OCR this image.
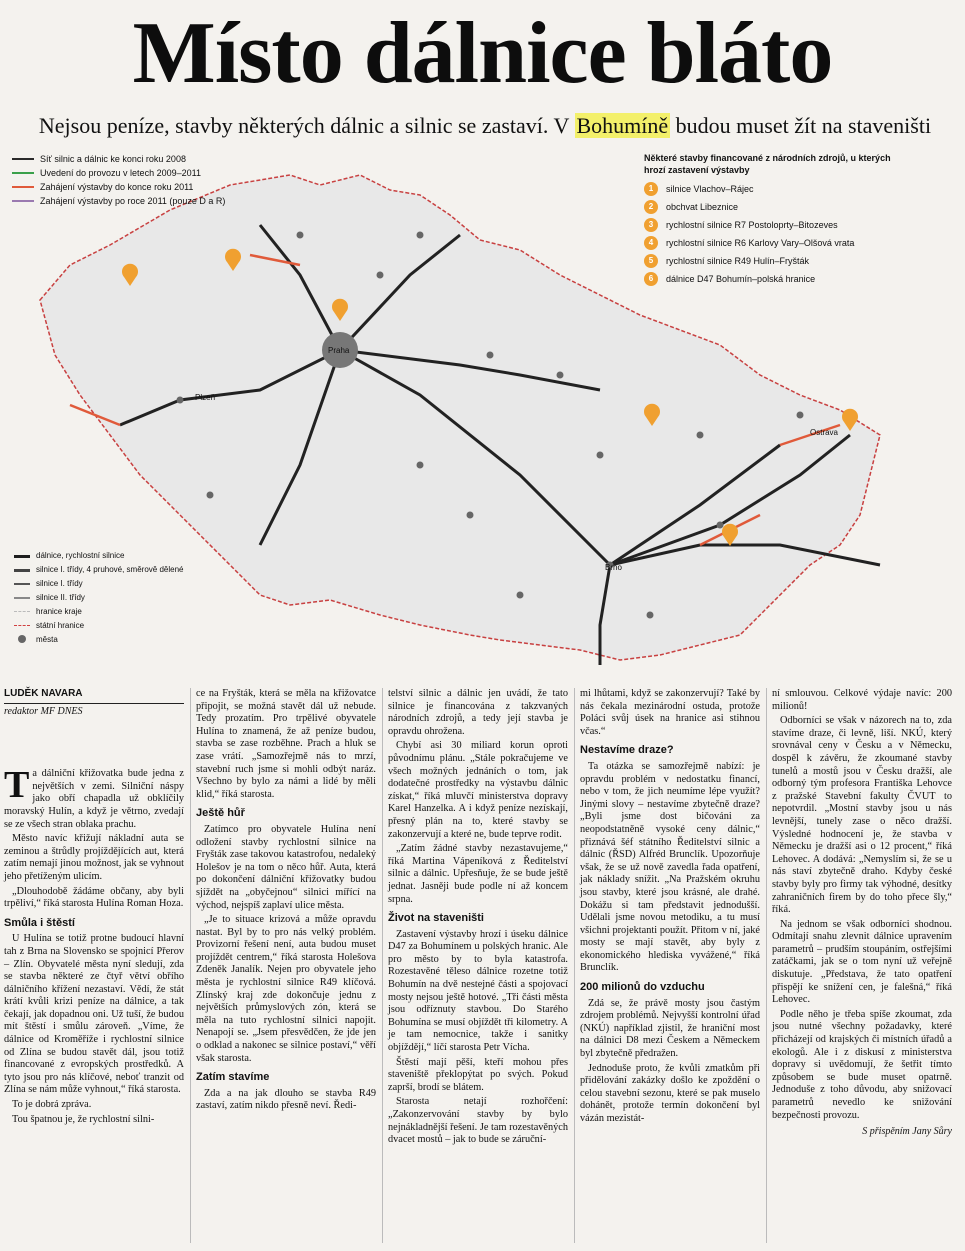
Místo dálnice bláto
Nejsou peníze, stavby některých dálnic a silnic se zastaví. V Bohumíně budou muset žít na staveništi
Praha
Brno
Ostrava
Plzeň
Síť silnic a dálnic ke konci roku 2008
Uvedení do provozu v letech 2009–2011
Zahájení výstavby do konce roku 2011
Zahájení výstavby po roce 2011 (pouze D a R)
dálnice, rychlostní silnice
silnice I. třídy, 4 pruhové, směrově dělené
silnice I. třídy
silnice II. třídy
hranice kraje
státní hranice
města
Některé stavby financované z národních zdrojů, u kterých hrozí zastavení výstavby
1	silnice Vlachov–Rájec
2	obchvat Libeznice
3	rychlostní silnice R7 Postoloprty–Bitozeves
4	rychlostní silnice R6 Karlovy Vary–Olšová vrata
5	rychlostní silnice R49 Hulín–Fryšták
6	dálnice D47 Bohumín–polská hranice
LUDĚK NAVARA
redaktor MF DNES

Ta dálniční křižovatka bude jedna z největších v zemi. Silniční náspy jako obří chapadla už obklíčily moravský Hulín, a když je větrno, zvedají se ze všech stran oblaka prachu.

Město navíc křižují nákladní auta se zeminou a štrůdly projíždějících aut, která zatím nemají jinou možnost, jak se vyhnout jeho přetíženým ulicím.

„Dlouhodobě žádáme občany, aby byli trpěliví,“ říká starosta Hulína Roman Hoza.

Smůla i štěstí

U Hulína se totiž protne budoucí hlavní tah z Brna na Slovensko se spojnicí Přerov – Zlín. Obyvatelé města nyní sledují, zda se stavba některé ze čtyř větví obřího dálničního křížení nezastaví. Vědí, že stát krátí kvůli krizi peníze na dálnice, a tak čekají, jak dopadnou oni. Už tuší, že budou mít štěstí i smůlu zároveň. „Víme, že dálnice od Kroměříže i rychlostní silnice od Zlína se budou stavět dál, jsou totiž financované z evropských prostředků. A tyto jsou pro nás klíčové, neboť tranzit od Zlína se nám může vyhnout,“ říká starosta.

To je dobrá zpráva.

Tou špatnou je, že rychlostní silni-

ce na Fryšták, která se měla na křižovatce připojit, se možná stavět dál už nebude. Tedy prozatím. Pro trpělivé obyvatele Hulína to znamená, že až peníze budou, stavba se zase rozběhne. Prach a hluk se zase vrátí. „Samozřejmě nás to mrzí, stavební ruch jsme si mohli odbýt naráz. Všechno by bylo za námi a lidé by měli klid,“ říká starosta.

Ještě hůř

Zatímco pro obyvatele Hulína není odložení stavby rychlostní silnice na Fryšták zase takovou katastrofou, nedaleký Holešov je na tom o něco hůř. Auta, která po dokončení dálniční křižovatky budou sjíždět na „obyčejnou“ silnici mířící na východ, nejspíš zaplaví ulice města.

„Je to situace krizová a může opravdu nastat. Byl by to pro nás velký problém. Provizorní řešení není, auta budou muset projíždět centrem,“ říká starosta Holešova Zdeněk Janalík. Nejen pro obyvatele jeho města je rychlostní silnice R49 klíčová. Zlínský kraj zde dokončuje jednu z největších průmyslových zón, která se měla na tuto rychlostní silnici napojit. Nenapojí se. „Jsem přesvědčen, že jde jen o odklad a nakonec se silnice postaví,“ věří však starosta.

Zatím stavíme

Zda a na jak dlouho se stavba R49 zastaví, zatím nikdo přesně neví. Ředi-

telství silnic a dálnic jen uvádí, že tato silnice je financována z takzvaných národních zdrojů, a tedy její stavba je opravdu ohrožena.

Chybí asi 30 miliard korun oproti původnímu plánu. „Stále pokračujeme ve všech možných jednáních o tom, jak dodatečné prostředky na výstavbu dálnic získat,“ říká mluvčí ministerstva dopravy Karel Hanzelka. A i když peníze nezískají, přesný plán na to, které stavby se zakonzervují a které ne, bude teprve rodit.

„Zatím žádné stavby nezastavujeme,“ říká Martina Vápeníková z Ředitelství silnic a dálnic. Upřesňuje, že se bude ještě jednat. Jasněji bude podle ní až koncem srpna.

Život na staveništi

Zastavení výstavby hrozí i úseku dálnice D47 za Bohumínem u polských hranic. Ale pro město by to byla katastrofa. Rozestavěné těleso dálnice rozetne totiž Bohumín na dvě nestejné části a spojovací mosty nejsou ještě hotové. „Tři části města jsou odříznuty stavbou. Do Starého Bohumína se musí objíždět tři kilometry. A je tam nemocnice, takže i sanitky objíždějí,“ líčí starosta Petr Vícha.

Štěstí mají pěší, kteří mohou přes staveniště překlopýtat po svých. Pokud zaprší, brodí se blátem.

Starosta netají rozhořčení: „Zakonzervování stavby by bylo nejnákladnější řešení. Je tam rozestavěných dvacet mostů – jak to bude se záruční-

mi lhůtami, když se zakonzervují? Také by nás čekala mezinárodní ostuda, protože Poláci svůj úsek na hranice asi stihnou včas.“

Nestavíme draze?

Ta otázka se samozřejmě nabízí: je opravdu problém v nedostatku financí, nebo v tom, že jich neumíme lépe využít? Jinými slovy – nestavíme zbytečně draze? „Byli jsme dost bičováni za neopodstatněně vysoké ceny dálnic,“ přiznává šéf státního Ředitelství silnic a dálnic (ŘSD) Alfréd Brunclík. Upozorňuje však, že se už nově zavedla řada opatření, jak náklady snížit. „Na Pražském okruhu jsou stavby, které jsou krásné, ale drahé. Dokážu si tam představit jednodušší. Udělali jsme novou metodiku, a tu musí všichni projektanti použít. Přitom v ní, jaké mosty se mají stavět, aby byly z ekonomického hlediska vyvážené,“ říká Brunclík.

200 milionů do vzduchu

Zdá se, že právě mosty jsou častým zdrojem problémů. Nejvyšší kontrolní úřad (NKÚ) například zjistil, že hraniční most na dálnici D8 mezi Českem a Německem byl zbytečně předražen.

Jednoduše proto, že kvůli zmatkům při přidělování zakázky došlo ke zpoždění o celou stavební sezonu, které se pak muselo dohánět, protože termín dokončení byl vázán mezistát-

ní smlouvou. Celkové výdaje navíc: 200 milionů!

Odborníci se však v názorech na to, zda stavíme draze, či levně, liší. NKÚ, který srovnával ceny v Česku a v Německu, dospěl k závěru, že zkoumané stavby tunelů a mostů jsou v Česku dražší, ale odborný tým profesora Františka Lehovce z pražské Stavební fakulty ČVUT to nepotvrdil. „Mostní stavby jsou u nás levnější, tunely zase o něco dražší. Výsledné hodnocení je, že stavba v Německu je dražší asi o 12 procent,“ říká Lehovec. A dodává: „Nemyslím si, že se u nás staví zbytečně draho. Kdyby české stavby byly pro firmy tak výhodné, desítky zahraničních firem by do toho přece šly,“ říká.

Na jednom se však odborníci shodnou. Odmítají snahu zlevnit dálnice upravením parametrů – prudším stoupáním, ostřejšími zatáčkami, jak se o tom nyní už veřejně diskutuje. „Představa, že tato opatření přispějí ke snížení cen, je falešná,“ říká Lehovec.

Podle něho je třeba spíše zkoumat, zda jsou nutné všechny požadavky, které přicházejí od krajských či místních úřadů a ekologů. Ale i z diskusí z ministerstva dopravy si uvědomují, že šetřit tímto způsobem se bude muset opatrně. Jednoduše z toho důvodu, aby snižovací parametrů nevedlo ke snižování bezpečnosti provozu.

S přispěním Jany Sůry
